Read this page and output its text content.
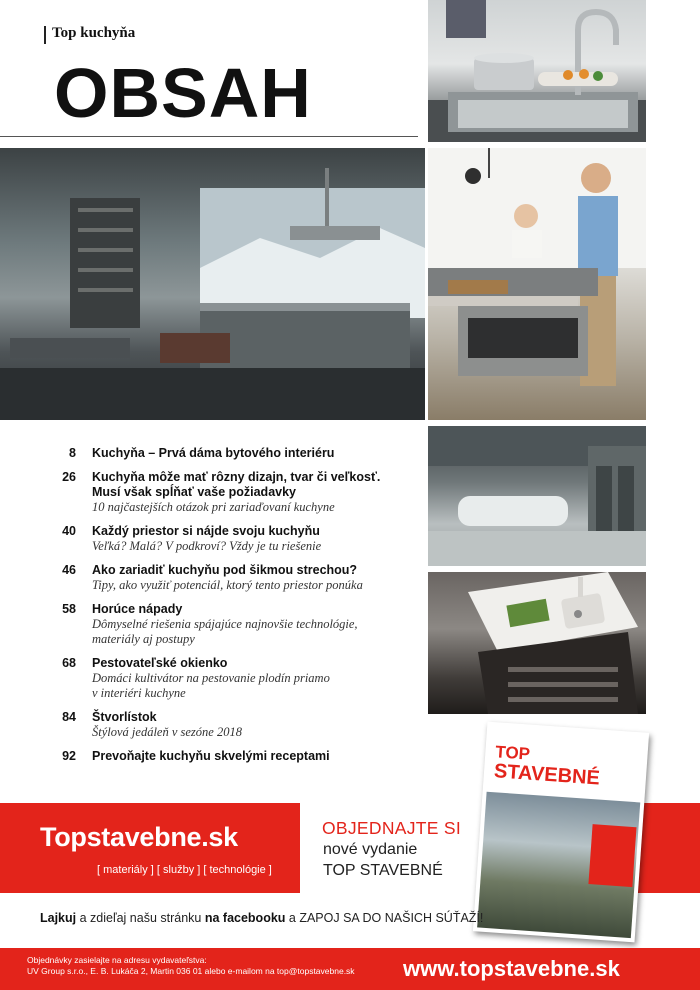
Top kuchyňa
OBSAH
8 Kuchyňa – Prvá dáma bytového interiéru
26 Kuchyňa môže mať rôzny dizajn, tvar či veľkosť.
Musí však spĺňať vaše požiadavky
10 najčastejších otázok pri zariaďovaní kuchyne
40 Každý priestor si nájde svoju kuchyňu
Veľká? Malá? V podkroví? Vždy je tu riešenie
46 Ako zariadiť kuchyňu pod šikmou strechou?
Tipy, ako využiť potenciál, ktorý tento priestor ponúka
58 Horúce nápady
Dômyselné riešenia spájajúce najnovšie technológie,
materiály aj postupy
68 Pestovateľské okienko
Domáci kultivátor na pestovanie plodín priamo
v interiéri kuchyne
84 Štvorlístok
Štýlová jedáleň v sezóne 2018
92 Prevoňajte kuchyňu skvelými receptami
Topstavebne.sk
[ materiály ] [ služby ] [ technológie ]
OBJEDNAJTE SI
nové vydanie
TOP STAVEBNÉ
TOP
STAVEBNÉ
Lajkuj a zdieľaj našu stránku na facebooku a ZAPOJ SA DO NAŠICH SÚŤAŽÍ!
Objednávky zasielajte na adresu vydavateľstva:
UV Group s.r.o., E. B. Lukáča 2, Martin 036 01 alebo e-mailom na top@topstavebne.sk www.topstavebne.sk
